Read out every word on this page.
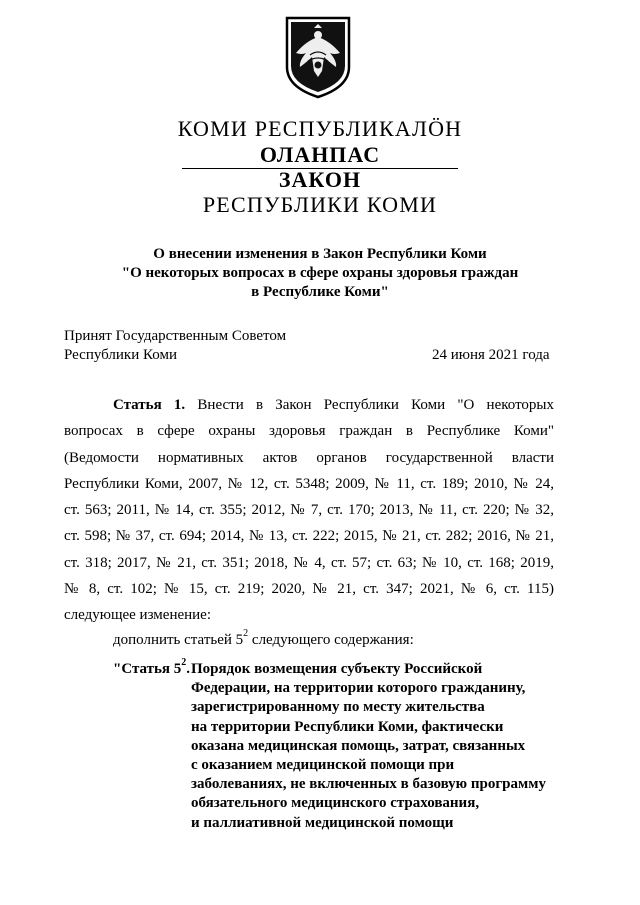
КОМИ РЕСПУБЛИКАЛӦН
ОЛАНПАС
ЗАКОН
РЕСПУБЛИКИ КОМИ
О внесении изменения в Закон Республики Коми
"О некоторых вопросах в сфере охраны здоровья граждан
в Республике Коми"
Принят Государственным Советом
Республики Коми	24 июня 2021 года
Статья 1. Внести в Закон Республики Коми "О некоторых
вопросах в сфере охраны здоровья граждан в Республике Коми"
(Ведомости нормативных актов органов государственной власти
Республики Коми, 2007, № 12, ст. 5348; 2009, № 11, ст. 189; 2010, № 24,
ст. 563; 2011, № 14, ст. 355; 2012, № 7, ст. 170; 2013, № 11, ст. 220; № 32,
ст. 598; № 37, ст. 694; 2014, № 13, ст. 222; 2015, № 21, ст. 282; 2016, № 21,
ст. 318; 2017, № 21, ст. 351; 2018, № 4, ст. 57; ст. 63; № 10, ст. 168; 2019,
№ 8, ст. 102; № 15, ст. 219; 2020, № 21, ст. 347; 2021, № 6, ст. 115)
следующее изменение:
дополнить статьей $5^2$ следующего содержания:
"Статья $5^2$. Порядок возмещения субъекту Российской
Федерации, на территории которого гражданину,
зарегистрированному по месту жительства
на территории Республики Коми, фактически
оказана медицинская помощь, затрат, связанных
с оказанием медицинской помощи при
заболеваниях, не включенных в базовую программу
обязательного медицинского страхования,
и паллиативной медицинской помощи
